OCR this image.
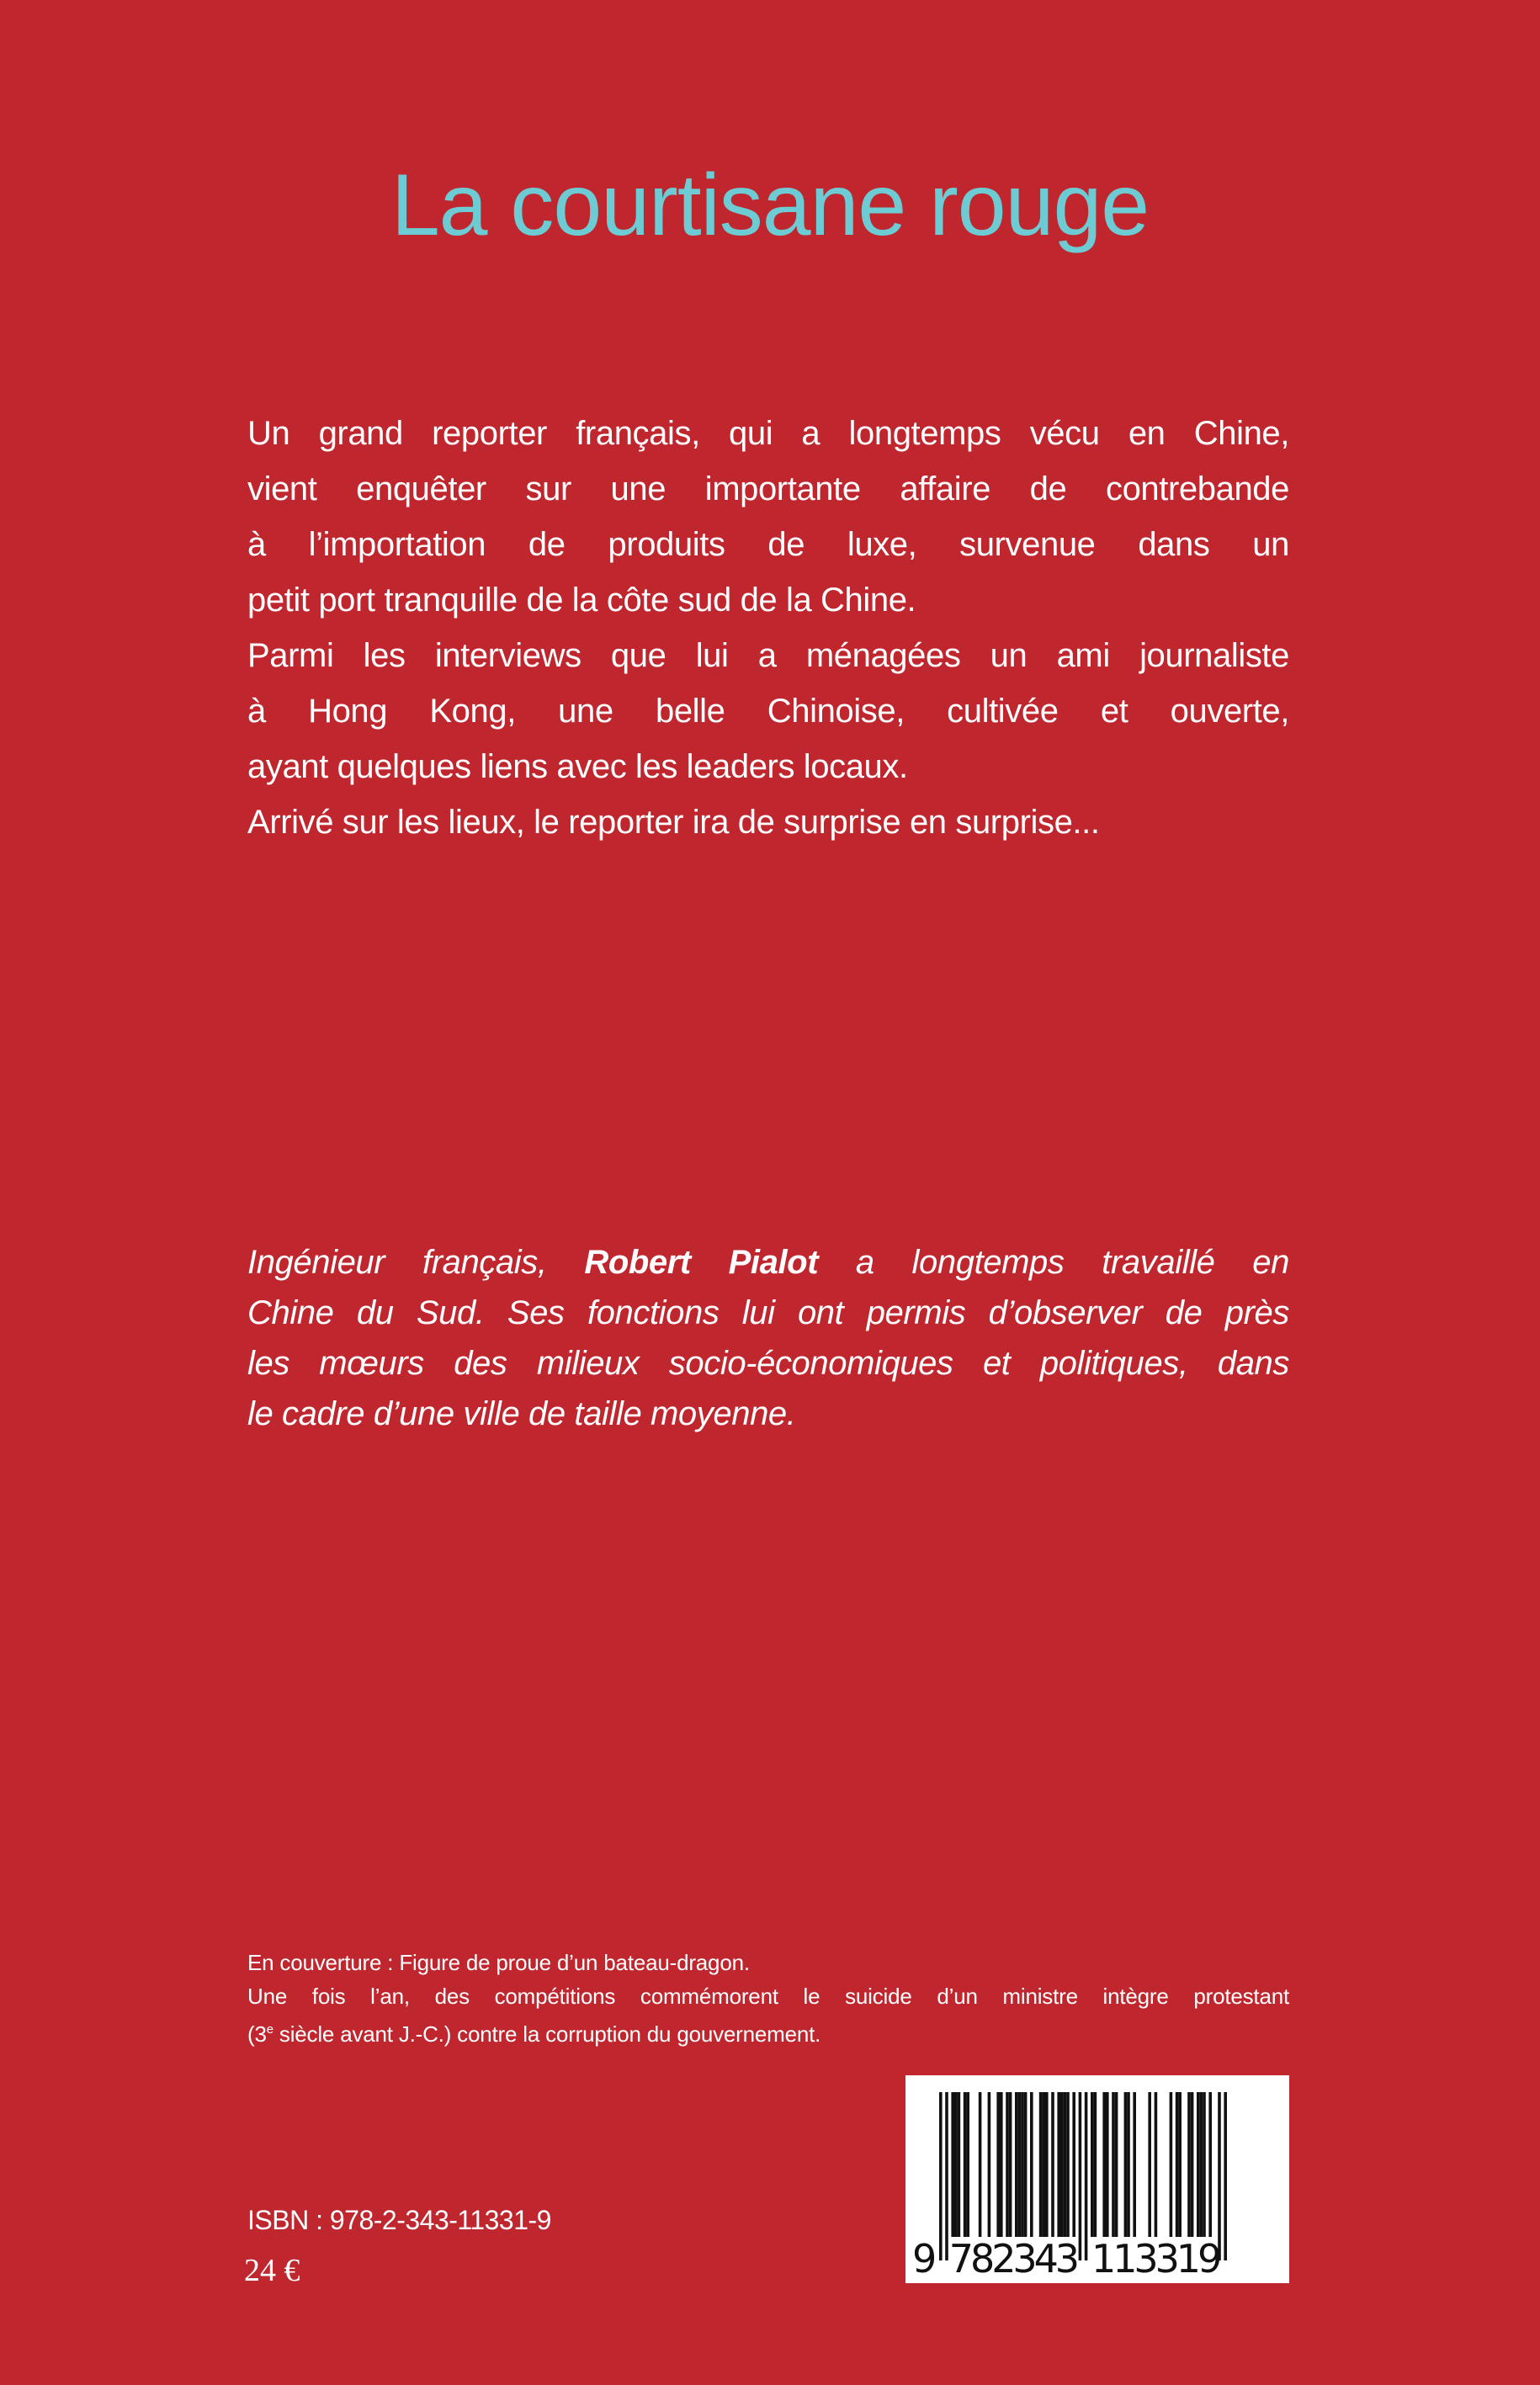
La courtisane rouge
Un grand reporter français, qui a longtemps vécu en Chine,
vient enquêter sur une importante affaire de contrebande
à l’importation de produits de luxe, survenue dans un
petit port tranquille de la côte sud de la Chine.
Parmi les interviews que lui a ménagées un ami journaliste
à Hong Kong, une belle Chinoise, cultivée et ouverte,
ayant quelques liens avec les leaders locaux.
Arrivé sur les lieux, le reporter ira de surprise en surprise...
Ingénieur français, Robert Pialot a longtemps travaillé en
Chine du Sud. Ses fonctions lui ont permis d’observer de près
les mœurs des milieux socio-économiques et politiques, dans
le cadre d’une ville de taille moyenne.
En couverture : Figure de proue d’un bateau-dragon.
Une fois l’an, des compétitions commémorent le suicide d’un ministre intègre protestant
(3e siècle avant J.-C.) contre la corruption du gouvernement.
ISBN : 978-2-343-11331-9
24 €	9 7
8
2
3
4
3 1
1
3
3
1
9
